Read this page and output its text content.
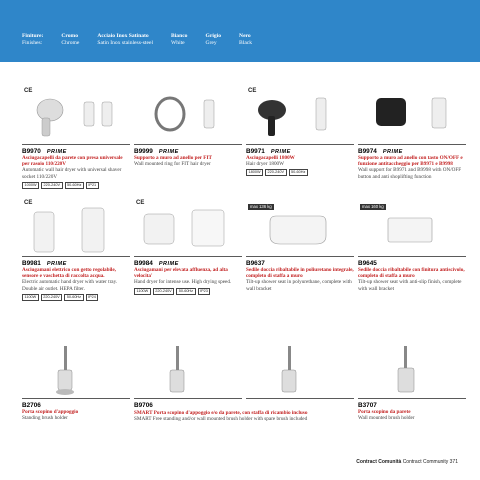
Finiture:
Finishes:
Cromo
Chrome
Acciaio Inox Satinato
Satin Inox stainless-steel
Bianco
White
Grigio
Grey
Nero
Black
CE
B9970 PRIME
Asciugacapelli da parete con presa universale per rasoio 110/220V
Automatic wall hair dryer with universal shaver socket 110/220V
1000W	220-240V	50-60Hz	IP21
B9999 PRIME
Supporto a muro ad anello per FIT
Wall mounted ring for FIT hair dryer
CE
B9971 PRIME
Asciugacapelli 1800W
Hair dryer 1800W
1800W	220-240V	50-60Hz
B9974 PRIME
Supporto a muro ad anello con tasto ON/OFF e funzione antitaccheggio per B9971 e B9998
Wall support for B9971 and B9998 with ON/OFF button and anti shoplifting function
CE
B9981 PRIME
Asciugamani elettrico con getto regolabile, sensore e vaschetta di raccolta acqua.
Electric automatic hand dryer with water tray. Double air outlet. HEPA filter.
1100W	220-240V	50-60Hz	IP24
CE
B9984 PRIME
Asciugamani per elevata affluenza, ad alta velocita'
Hand dryer for intense use. High drying speed.
1100W	220-240V	50-60Hz	IP23
max 136 kg
B9637
Sedile doccia ribaltabile in poliuretano integrale, completo di staffa a muro
Tilt-up shower seat in polyurethane, complete with wall bracket
max 160 kg
B9645
Sedile doccia ribaltabile con finitura antiscivolo, completo di staffa a muro
Tilt-up shower seat with anti-slip finish, complete with wall bracket
B2706
Porta scopino d'appoggio
Standing brush holder
B9706	B3707
Porta scopino da parete
Wall mounted brush holder
SMART Porta scopino d'appoggio e/o da parete, con staffa di ricambio incluso
SMART Free standing and/or wall mounted brush holder with spare brush included
Contract Comunità Contract Community 371
